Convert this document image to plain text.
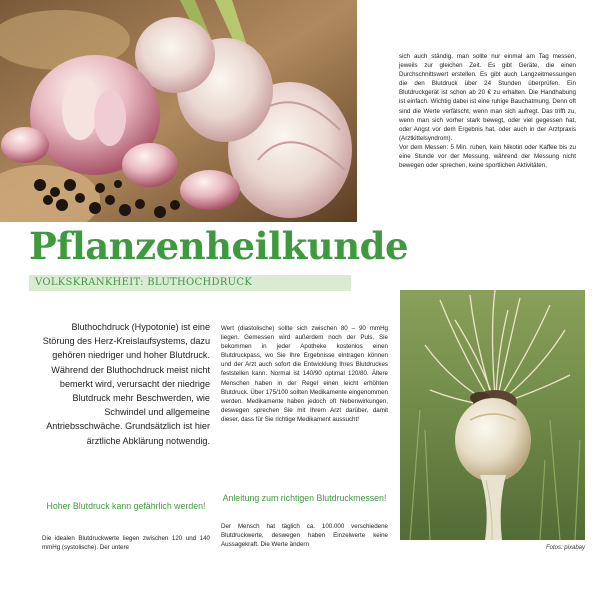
Pflanzenheilkunde
VOLKSKRANKHEIT: BLUTHOCHDRUCK

sich auch ständig, man sollte nur einmal am Tag messen, jeweils zur gleichen Zeit. Es gibt Geräte, die einen Durchschnittswert erstellen. Es gibt auch Langzeitmessungen die den Blutdruck über 24 Stunden überprüfen. Ein Blutdruckgerät ist schon ab 20 € zu erhalten. Die Handhabung ist einfach. Wichtig dabei ist eine ruhige Bauchatmung. Denn oft sind die Werte verfälscht, wenn man sich aufregt. Das trifft zu, wenn man sich vorher stark bewegt, oder viel gegessen hat, oder Angst vor dem Ergebnis hat, oder auch in der Arztpraxis (Arztkittelsyndrom).

Vor dem Messen: 5 Min. ruhen, kein Nikotin oder Kaffee bis zu eine Stunde vor der Messung, während der Messung nicht bewegen oder sprechen, keine sportlichen Aktivitäten,

Bluthochdruck (Hypotonie) ist eine Störung des Herz-Kreislaufsystems, dazu gehören niedriger und hoher Blutdruck. Während der Bluthochdruck meist nicht bemerkt wird, verursacht der niedrige Blutdruck mehr Beschwerden, wie Schwindel und allgemeine Antriebsschwäche. Grundsätzlich ist hier ärztliche Abklärung notwendig.
Hoher Blutdruck kann gefährlich werden!
Anleitung zum richtigen Blutdruckmessen!
Die idealen Blutdruckwerte liegen zwischen 120 und 140 mmHg (systolische). Der untere
Wert (diastolische) sollte sich zwischen 80 – 90 mmHg liegen. Gemessen wird außerdem noch der Puls. Sie bekommen in jeder Apotheke kostenlos einen Blutdruckpass, wo Sie Ihre Ergebnisse eintragen können und der Arzt auch sofort die Entwicklung Ihres Blutdruckes feststellen kann. Normal ist 140/90 optimal 120/80. Ältere Menschen haben in der Regel einen leicht erhöhten Blutdruck. Über 175/100 sollten Medikamente eingenommen werden. Medikamente haben jedoch oft Nebenwirkungen, deswegen sprechen Sie mit Ihrem Arzt darüber, damit dieser, dass für Sie richtige Medikament aussucht!
Der Mensch hat täglich ca. 100.000 verschiedene Blutdruckwerte, deswegen haben Einzelwerte keine Aussagekraft. Die Werte ändern	Fotos: pixabay
